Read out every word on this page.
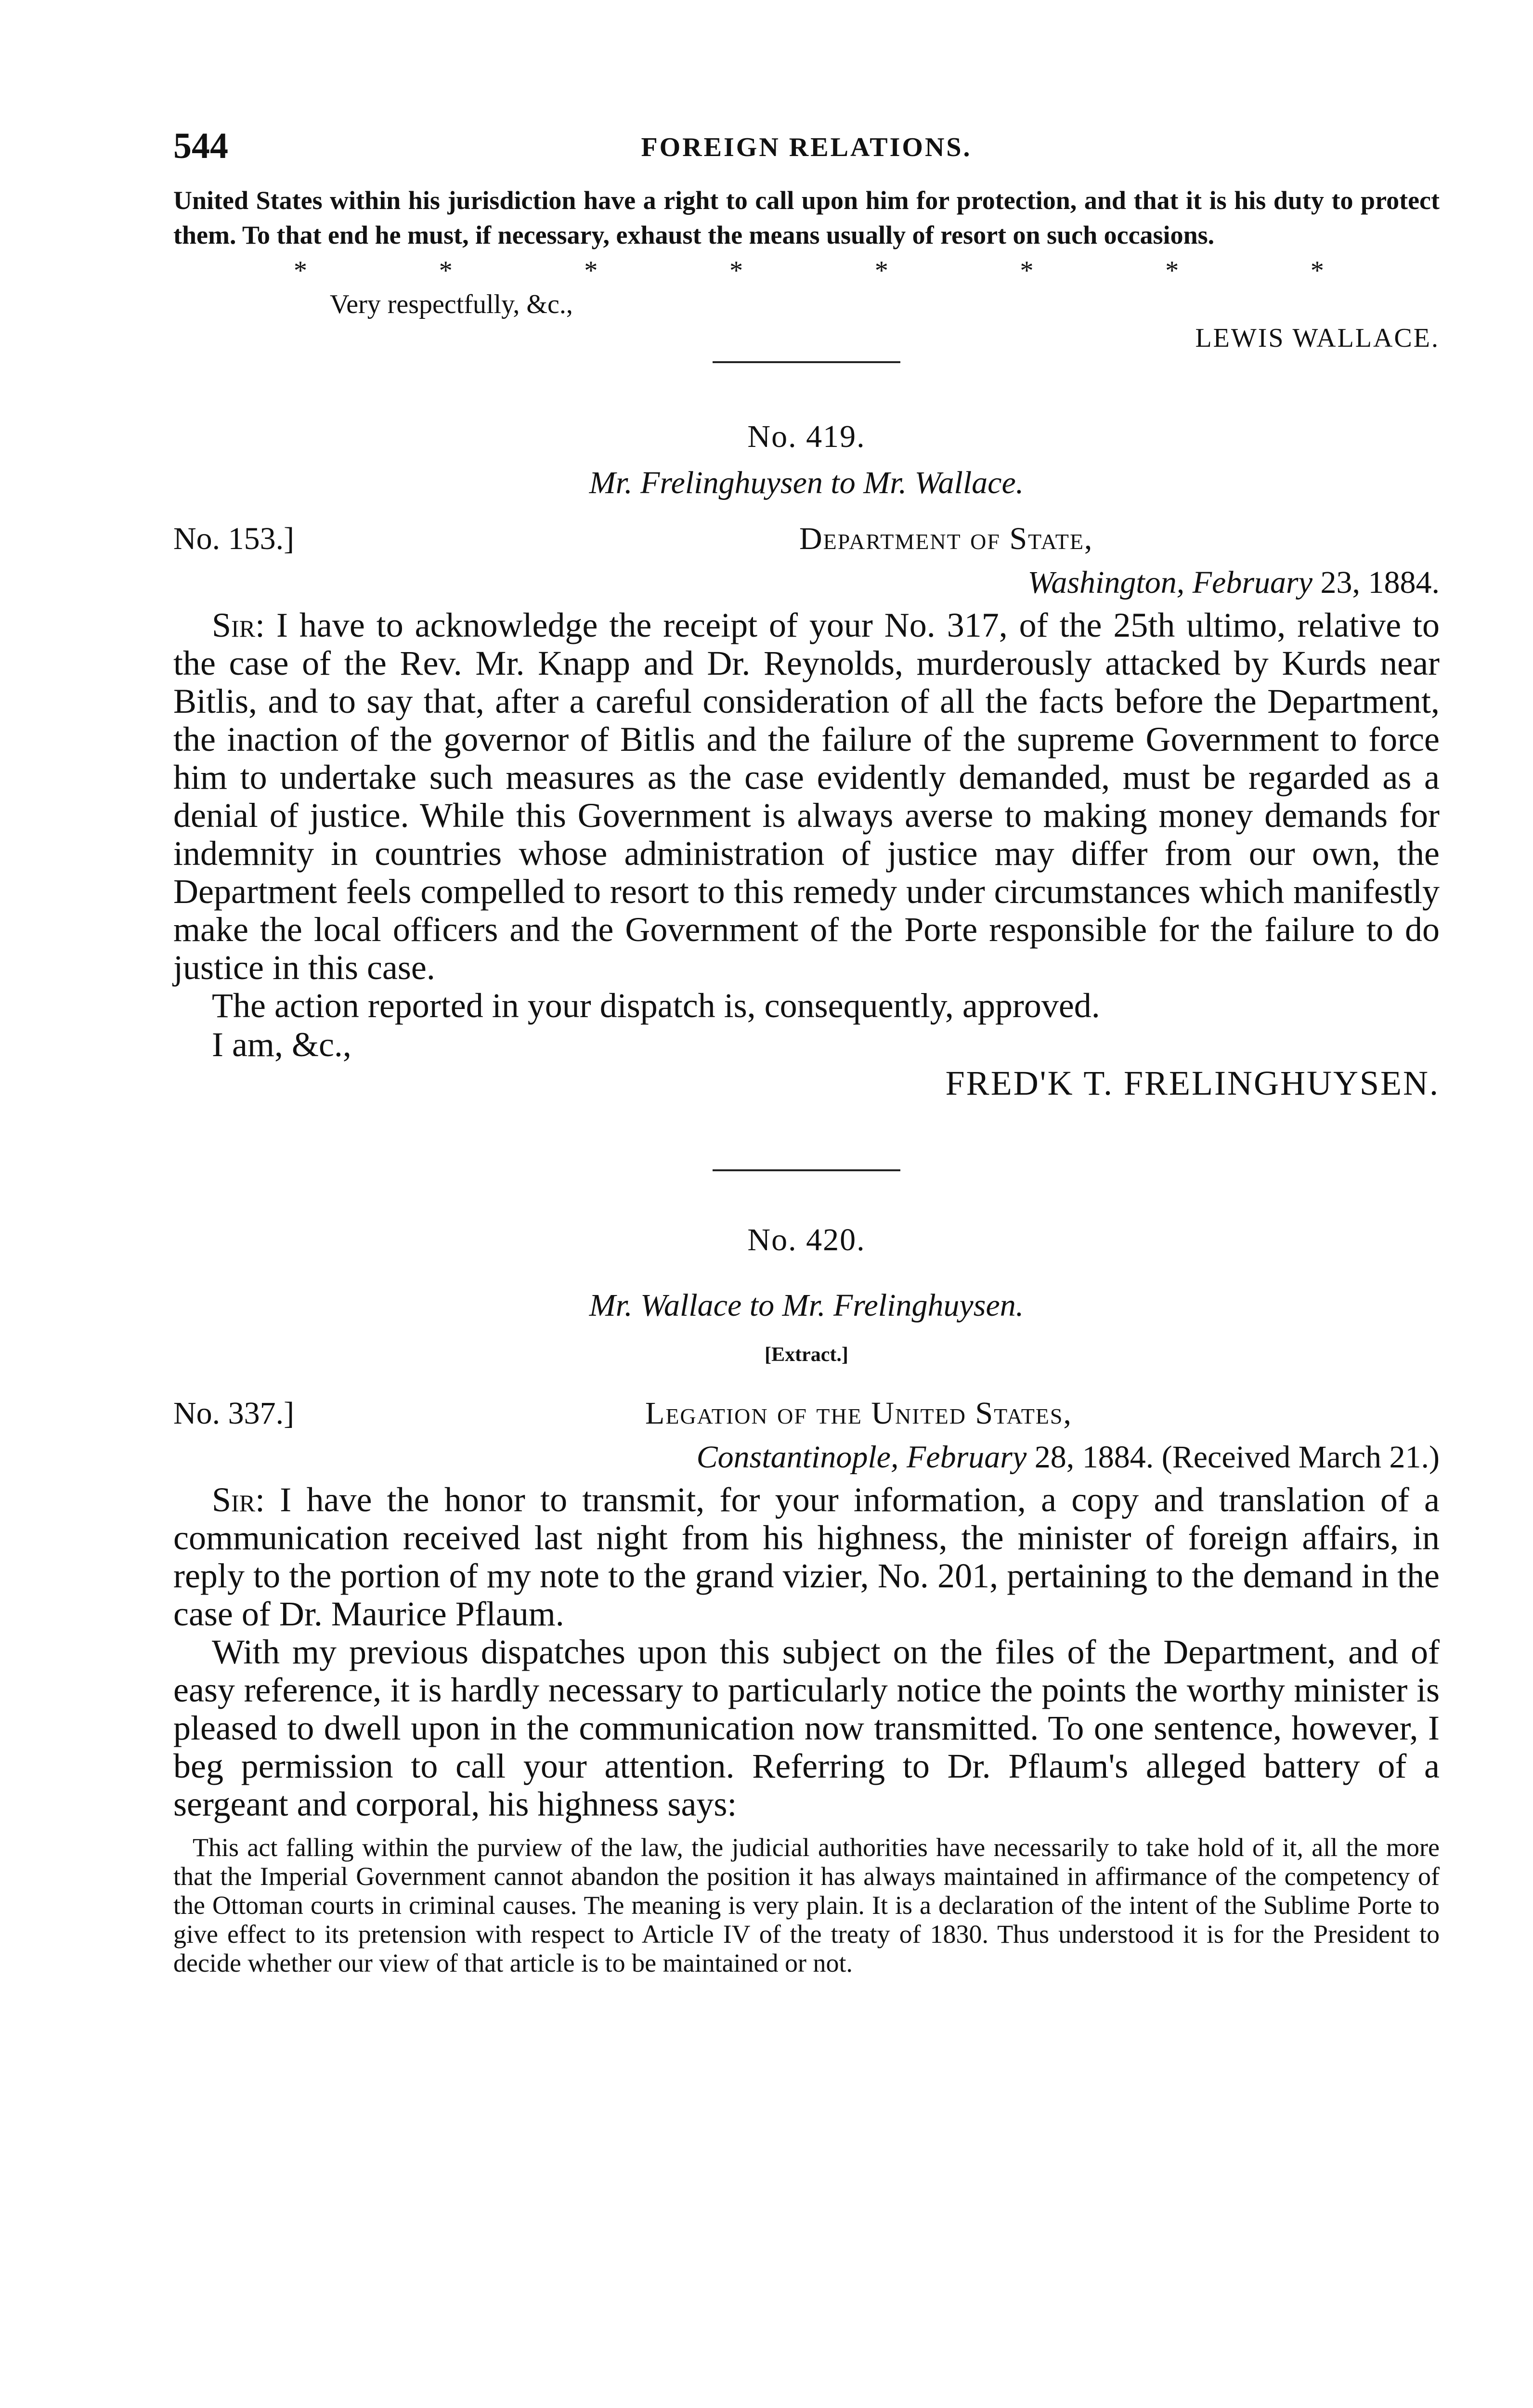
544	FOREIGN RELATIONS.
United States within his jurisdiction have a right to call upon him for protection, and that it is his duty to protect them. To that end he must, if necessary, exhaust the means usually of resort on such occasions.
*	*	*	*	*	*	*	*
Very respectfully, &c.,
LEWIS WALLACE.
No. 419.
Mr. Frelinghuysen to Mr. Wallace.
No. 153.]	Department of State,
Washington, February 23, 1884.

Sir: I have to acknowledge the receipt of your No. 317, of the 25th ultimo, relative to the case of the Rev. Mr. Knapp and Dr. Reynolds, murderously attacked by Kurds near Bitlis, and to say that, after a careful consideration of all the facts before the Department, the inaction of the governor of Bitlis and the failure of the supreme Government to force him to undertake such measures as the case evidently demanded, must be regarded as a denial of justice. While this Government is always averse to making money demands for indemnity in countries whose administration of justice may differ from our own, the Department feels compelled to resort to this remedy under circumstances which manifestly make the local officers and the Government of the Porte responsible for the failure to do justice in this case.

The action reported in your dispatch is, consequently, approved.

I am, &c.,
FRED'K T. FRELINGHUYSEN.
No. 420.
Mr. Wallace to Mr. Frelinghuysen.
[Extract.]
No. 337.]	Legation of the United States,
Constantinople, February 28, 1884. (Received March 21.)

Sir: I have the honor to transmit, for your information, a copy and translation of a communication received last night from his highness, the minister of foreign affairs, in reply to the portion of my note to the grand vizier, No. 201, pertaining to the demand in the case of Dr. Maurice Pflaum.

With my previous dispatches upon this subject on the files of the Department, and of easy reference, it is hardly necessary to particularly notice the points the worthy minister is pleased to dwell upon in the communication now transmitted. To one sentence, however, I beg permission to call your attention. Referring to Dr. Pflaum's alleged battery of a sergeant and corporal, his highness says:

This act falling within the purview of the law, the judicial authorities have necessarily to take hold of it, all the more that the Imperial Government cannot abandon the position it has always maintained in affirmance of the competency of the Ottoman courts in criminal causes. The meaning is very plain. It is a declaration of the intent of the Sublime Porte to give effect to its pretension with respect to Article IV of the treaty of 1830. Thus understood it is for the President to decide whether our view of that article is to be maintained or not.
